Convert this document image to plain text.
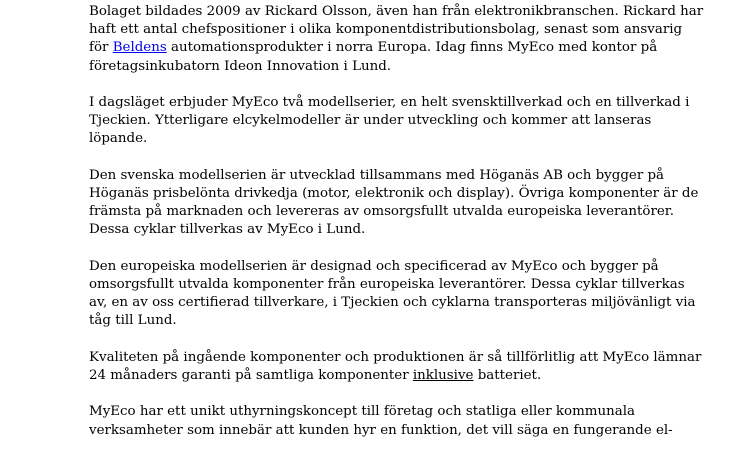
Bolaget bildades 2009 av Rickard Olsson, även han från elektronikbranschen. Rickard har
haft ett antal chefspositioner i olika komponentdistributionsbolag, senast som ansvarig
för Beldens automationsprodukter i norra Europa. Idag finns MyEco med kontor på
företagsinkubatorn Ideon Innovation i Lund.

I dagsläget erbjuder MyEco två modellserier, en helt svensktillverkad och en tillverkad i
Tjeckien. Ytterligare elcykelmodeller är under utveckling och kommer att lanseras
löpande.

Den svenska modellserien är utvecklad tillsammans med Höganäs AB och bygger på
Höganäs prisbelönta drivkedja (motor, elektronik och display). Övriga komponenter är de
främsta på marknaden och levereras av omsorgsfullt utvalda europeiska leverantörer.
Dessa cyklar tillverkas av MyEco i Lund.

Den europeiska modellserien är designad och specificerad av MyEco och bygger på
omsorgsfullt utvalda komponenter från europeiska leverantörer. Dessa cyklar tillverkas
av, en av oss certifierad tillverkare, i Tjeckien och cyklarna transporteras miljövänligt via
tåg till Lund.

Kvaliteten på ingående komponenter och produktionen är så tillförlitlig att MyEco lämnar
24 månaders garanti på samtliga komponenter inklusive batteriet.

MyEco har ett unikt uthyrningskoncept till företag och statliga eller kommunala
verksamheter som innebär att kunden hyr en funktion, det vill säga en fungerande el-
